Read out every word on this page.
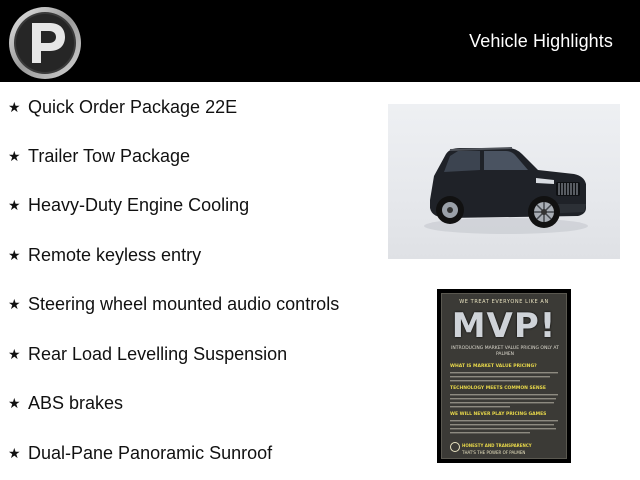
Vehicle Highlights
★ Quick Order Package 22E
★ Trailer Tow Package
★ Heavy-Duty Engine Cooling
★ Remote keyless entry
★ Steering wheel mounted audio controls
★ Rear Load Levelling Suspension
★ ABS brakes
★ Dual-Pane Panoramic Sunroof
WE TREAT EVERYONE LIKE AN
MVP!
INTRODUCING MARKET VALUE PRICING ONLY AT PALMEN
WHAT IS MARKET VALUE PRICING?
TECHNOLOGY MEETS COMMON SENSE
WE WILL NEVER PLAY PRICING GAMES
HONESTY AND TRANSPARENCY
THAT'S THE POWER OF PALMEN
